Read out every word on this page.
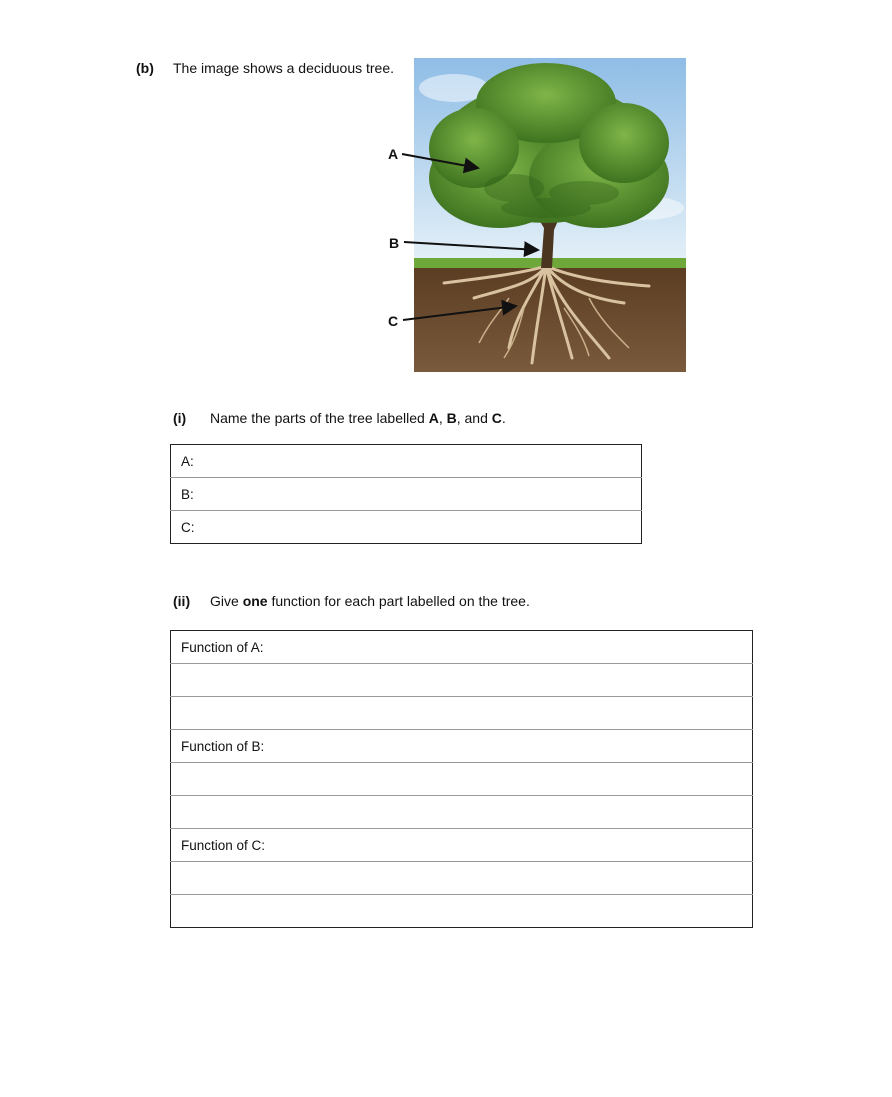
(b) The image shows a deciduous tree.
A
B
C
(i) Name the parts of the tree labelled A, B, and C.
A:
B:
C:
(ii) Give one function for each part labelled on the tree.
Function of A:

Function of B:

Function of C:
